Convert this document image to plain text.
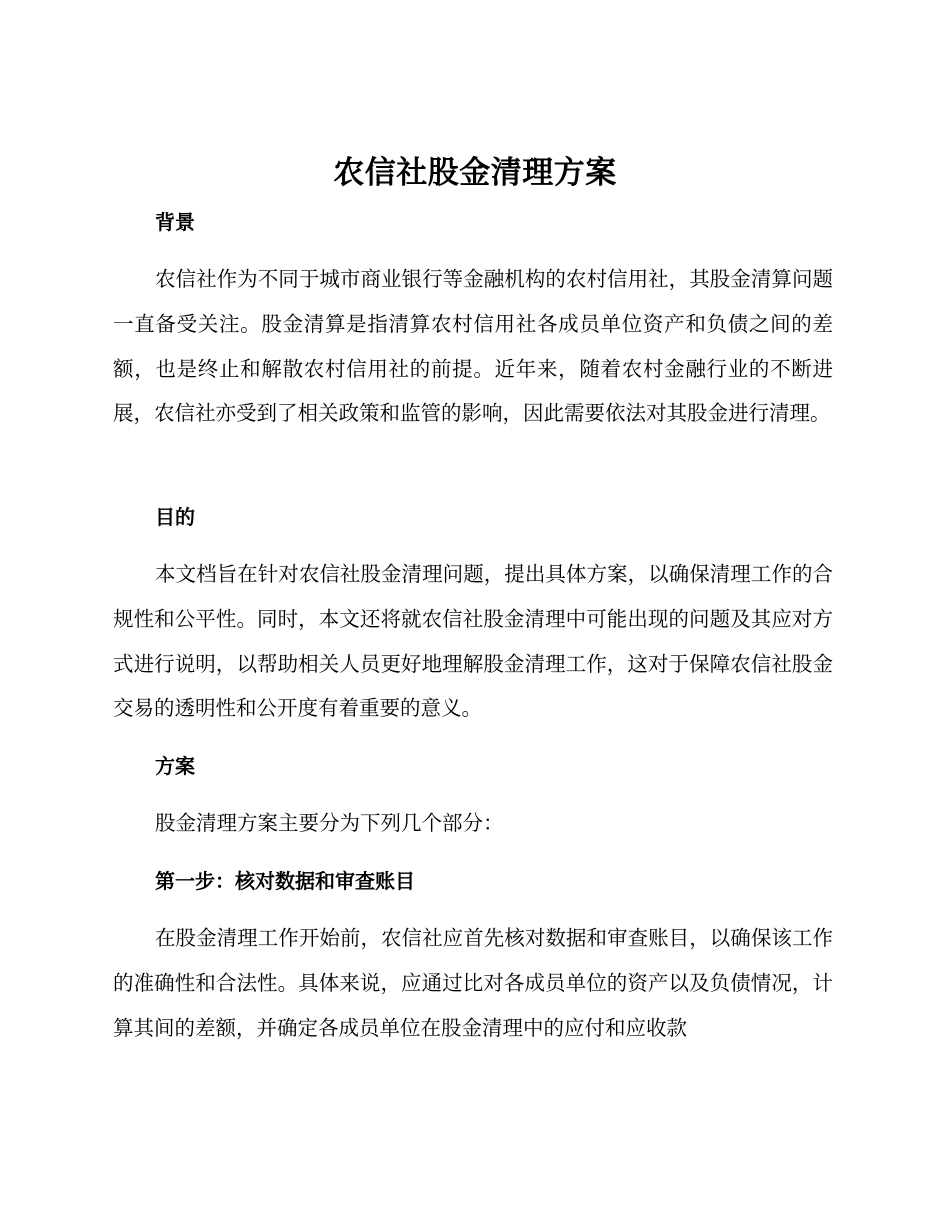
农信社股金清理方案
背景

农信社作为不同于城市商业银行等金融机构的农村信用社，其股金清算问题一直备受关注。股金清算是指清算农村信用社各成员单位资产和负债之间的差额，也是终止和解散农村信用社的前提。近年来，随着农村金融行业的不断进展，农信社亦受到了相关政策和监管的影响，因此需要依法对其股金进行清理。

目的

本文档旨在针对农信社股金清理问题，提出具体方案，以确保清理工作的合规性和公平性。同时，本文还将就农信社股金清理中可能出现的问题及其应对方式进行说明，以帮助相关人员更好地理解股金清理工作，这对于保障农信社股金交易的透明性和公开度有着重要的意义。

方案

股金清理方案主要分为下列几个部分：

第一步：核对数据和审查账目

在股金清理工作开始前，农信社应首先核对数据和审查账目，以确保该工作的准确性和合法性。具体来说，应通过比对各成员单位的资产以及负债情况，计算其间的差额，并确定各成员单位在股金清理中的应付和应收款
